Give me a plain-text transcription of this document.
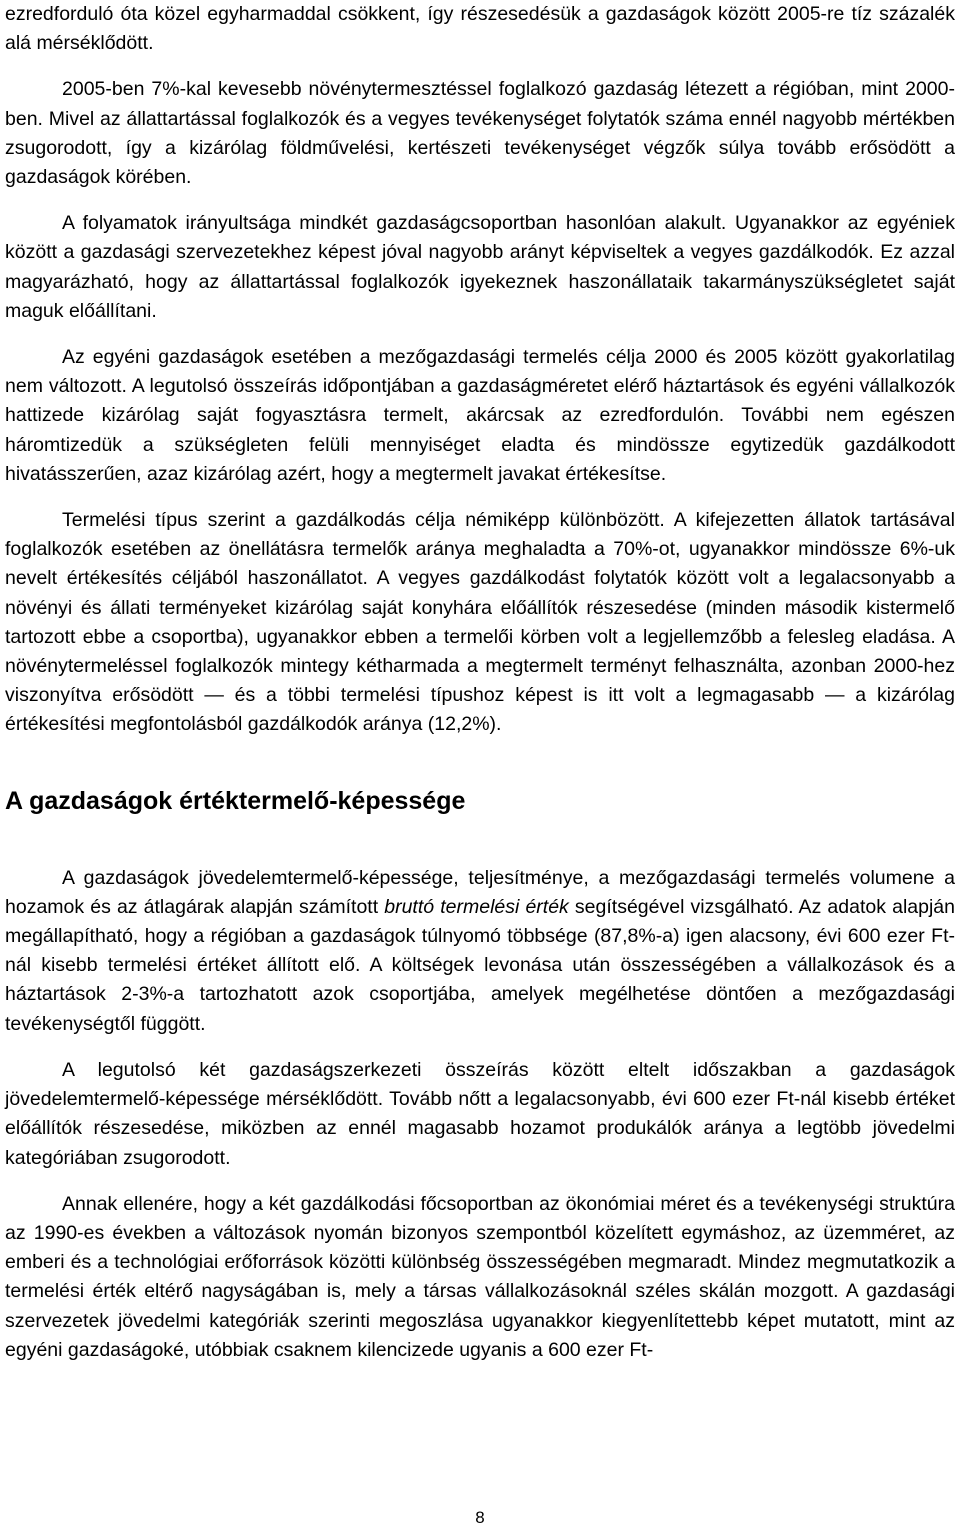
ezredforduló óta közel egyharmaddal csökkent, így részesedésük a gazdaságok között 2005-re tíz százalék alá mérséklődött.

2005-ben 7%-kal kevesebb növénytermesztéssel foglalkozó gazdaság létezett a régióban, mint 2000-ben. Mivel az állattartással foglalkozók és a vegyes tevékenységet folytatók száma ennél nagyobb mértékben zsugorodott, így a kizárólag földművelési, kertészeti tevékenységet végzők súlya tovább erősödött a gazdaságok körében.

A folyamatok irányultsága mindkét gazdaságcsoportban hasonlóan alakult. Ugyanakkor az egyéniek között a gazdasági szervezetekhez képest jóval nagyobb arányt képviseltek a vegyes gazdálkodók. Ez azzal magyarázható, hogy az állattartással foglalkozók igyekeznek haszonállataik takarmányszükségletet saját maguk előállítani.

Az egyéni gazdaságok esetében a mezőgazdasági termelés célja 2000 és 2005 között gyakorlatilag nem változott. A legutolsó összeírás időpontjában a gazdaságméretet elérő háztartások és egyéni vállalkozók hattizede kizárólag saját fogyasztásra termelt, akárcsak az ezredfordulón. További nem egészen háromtizedük a szükségleten felüli mennyiséget eladta és mindössze egytizedük gazdálkodott hivatásszerűen, azaz kizárólag azért, hogy a megtermelt javakat értékesítse.

Termelési típus szerint a gazdálkodás célja némiképp különbözött. A kifejezetten állatok tartásával foglalkozók esetében az önellátásra termelők aránya meghaladta a 70%-ot, ugyanakkor mindössze 6%-uk nevelt értékesítés céljából haszonállatot. A vegyes gazdálkodást folytatók között volt a legalacsonyabb a növényi és állati terményeket kizárólag saját konyhára előállítók részesedése (minden második kistermelő tartozott ebbe a csoportba), ugyanakkor ebben a termelői körben volt a legjellemzőbb a felesleg eladása. A növénytermeléssel foglalkozók mintegy kétharmada a megtermelt terményt felhasználta, azonban 2000-hez viszonyítva erősödött — és a többi termelési típushoz képest is itt volt a legmagasabb — a kizárólag értékesítési megfontolásból gazdálkodók aránya (12,2%).

A gazdaságok értéktermelő-képessége

A gazdaságok jövedelemtermelő-képessége, teljesítménye, a mezőgazdasági termelés volumene a hozamok és az átlagárak alapján számított bruttó termelési érték segítségével vizsgálható. Az adatok alapján megállapítható, hogy a régióban a gazdaságok túlnyomó többsége (87,8%-a) igen alacsony, évi 600 ezer Ft-nál kisebb termelési értéket állított elő. A költségek levonása után összességében a vállalkozások és a háztartások 2-3%-a tartozhatott azok csoportjába, amelyek megélhetése döntően a mezőgazdasági tevékenységtől függött.

A legutolsó két gazdaságszerkezeti összeírás között eltelt időszakban a gazdaságok jövedelemtermelő-képessége mérséklődött. Tovább nőtt a legalacsonyabb, évi 600 ezer Ft-nál kisebb értéket előállítók részesedése, miközben az ennél magasabb hozamot produkálók aránya a legtöbb jövedelmi kategóriában zsugorodott.

Annak ellenére, hogy a két gazdálkodási főcsoportban az ökonómiai méret és a tevékenységi struktúra az 1990-es években a változások nyomán bizonyos szempontból közelített egymáshoz, az üzemméret, az emberi és a technológiai erőforrások közötti különbség összességében megmaradt. Mindez megmutatkozik a termelési érték eltérő nagyságában is, mely a társas vállalkozásoknál széles skálán mozgott. A gazdasági szervezetek jövedelmi kategóriák szerinti megoszlása ugyanakkor kiegyenlítettebb képet mutatott, mint az egyéni gazdaságoké, utóbbiak csaknem kilencizede ugyanis a 600 ezer Ft-

8
